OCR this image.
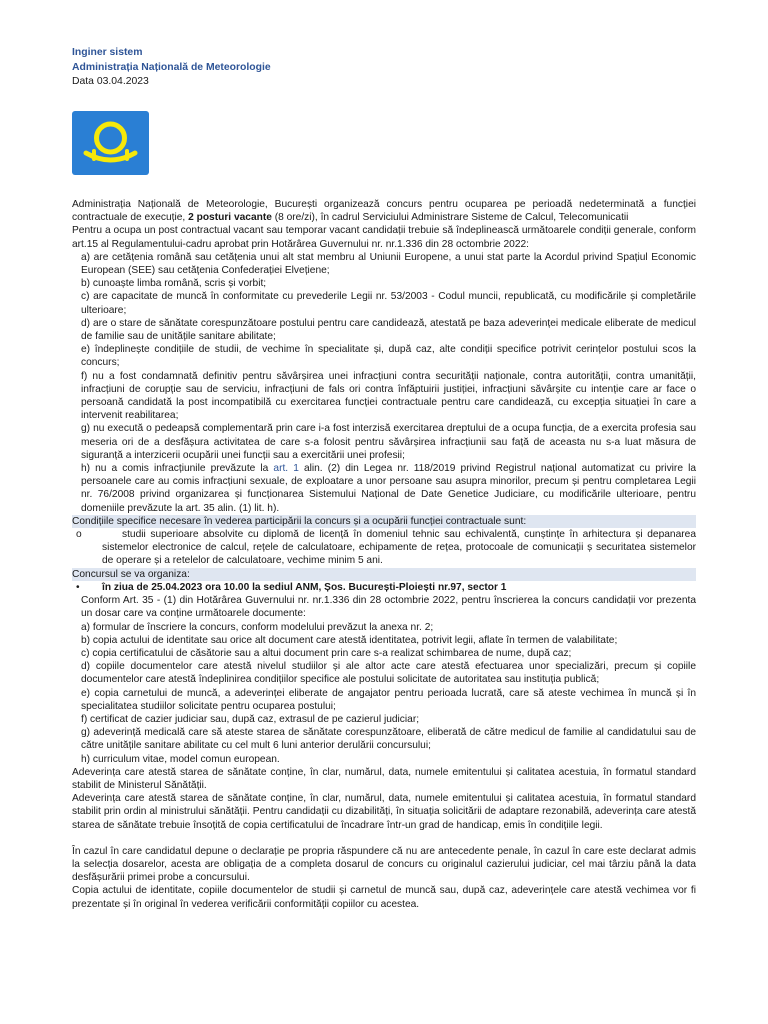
Inginer sistem
Administrația Națională de Meteorologie
Data 03.04.2023

Administrația Națională de Meteorologie, București organizează concurs pentru ocuparea pe perioadă nedeterminată a funcției contractuale de execuție, 2 posturi vacante (8 ore/zi), în cadrul Serviciului Administrare Sisteme de Calcul, Telecomunicatii

Pentru a ocupa un post contractual vacant sau temporar vacant candidații trebuie să îndeplinească următoarele condiții generale, conform art.15 al Regulamentului-cadru aprobat prin Hotărârea Guvernului nr. nr.1.336 din 28 octombrie 2022:

a) are cetățenia română sau cetățenia unui alt stat membru al Uniunii Europene, a unui stat parte la Acordul privind Spațiul Economic European (SEE) sau cetățenia Confederației Elvețiene;

b) cunoaște limba română, scris și vorbit;

c) are capacitate de muncă în conformitate cu prevederile Legii nr. 53/2003 - Codul muncii, republicată, cu modificările și completările ulterioare;

d) are o stare de sănătate corespunzătoare postului pentru care candidează, atestată pe baza adeverinței medicale eliberate de medicul de familie sau de unitățile sanitare abilitate;

e) îndeplinește condițiile de studii, de vechime în specialitate și, după caz, alte condiții specifice potrivit cerințelor postului scos la concurs;

f) nu a fost condamnată definitiv pentru săvârșirea unei infracțiuni contra securității naționale, contra autorității, contra umanității, infracțiuni de corupție sau de serviciu, infracțiuni de fals ori contra înfăptuirii justiției, infracțiuni săvârșite cu intenție care ar face o persoană candidată la post incompatibilă cu exercitarea funcției contractuale pentru care candidează, cu excepția situației în care a intervenit reabilitarea;

g) nu execută o pedeapsă complementară prin care i-a fost interzisă exercitarea dreptului de a ocupa funcția, de a exercita profesia sau meseria ori de a desfășura activitatea de care s-a folosit pentru săvârșirea infracțiunii sau față de aceasta nu s-a luat măsura de siguranță a interzicerii ocupării unei funcții sau a exercitării unei profesii;

h) nu a comis infracțiunile prevăzute la art. 1 alin. (2) din Legea nr. 118/2019 privind Registrul național automatizat cu privire la persoanele care au comis infracțiuni sexuale, de exploatare a unor persoane sau asupra minorilor, precum și pentru completarea Legii nr. 76/2008 privind organizarea și funcționarea Sistemului Național de Date Genetice Judiciare, cu modificările ulterioare, pentru domeniile prevăzute la art. 35 alin. (1) lit. h).

Condițiile specifice necesare în vederea participării la concurs și a ocupării funcției contractuale sunt:

o	studii superioare absolvite cu diplomă de licență în domeniul tehnic sau echivalentă, cunștințe în arhitectura și depanarea sistemelor electronice de calcul, rețele de calculatoare, echipamente de rețea, protocoale de comunicații ș securitatea sistemelor de operare și a retelelor de calculatoare, vechime minim 5 ani.

Concursul se va organiza:

•	în ziua de 25.04.2023 ora 10.00 la sediul ANM, Șos. București-Ploiești nr.97, sector 1

Conform Art. 35 - (1) din Hotărârea Guvernului nr. nr.1.336 din 28 octombrie 2022, pentru înscrierea la concurs candidații vor prezenta un dosar care va conține următoarele documente:

a) formular de înscriere la concurs, conform modelului prevăzut la anexa nr. 2;

b) copia actului de identitate sau orice alt document care atestă identitatea, potrivit legii, aflate în termen de valabilitate;

c) copia certificatului de căsătorie sau a altui document prin care s-a realizat schimbarea de nume, după caz;

d) copiile documentelor care atestă nivelul studiilor și ale altor acte care atestă efectuarea unor specializări, precum și copiile documentelor care atestă îndeplinirea condițiilor specifice ale postului solicitate de autoritatea sau instituția publică;

e) copia carnetului de muncă, a adeverinței eliberate de angajator pentru perioada lucrată, care să ateste vechimea în muncă și în specialitatea studiilor solicitate pentru ocuparea postului;

f) certificat de cazier judiciar sau, după caz, extrasul de pe cazierul judiciar;

g) adeverință medicală care să ateste starea de sănătate corespunzătoare, eliberată de către medicul de familie al candidatului sau de către unitățile sanitare abilitate cu cel mult 6 luni anterior derulării concursului;

h) curriculum vitae, model comun european.

Adeverința care atestă starea de sănătate conține, în clar, numărul, data, numele emitentului și calitatea acestuia, în formatul standard stabilit de Ministerul Sănătății.

Adeverința care atestă starea de sănătate conține, în clar, numărul, data, numele emitentului și calitatea acestuia, în formatul standard stabilit prin ordin al ministrului sănătății. Pentru candidații cu dizabilități, în situația solicitării de adaptare rezonabilă, adeverința care atestă starea de sănătate trebuie însoțită de copia certificatului de încadrare într-un grad de handicap, emis în condițiile legii.

În cazul în care candidatul depune o declarație pe propria răspundere că nu are antecedente penale, în cazul în care este declarat admis la selecția dosarelor, acesta are obligația de a completa dosarul de concurs cu originalul cazierului judiciar, cel mai târziu până la data desfășurării primei probe a concursului.

Copia actului de identitate, copiile documentelor de studii și carnetul de muncă sau, după caz, adeverințele care atestă vechimea vor fi prezentate și în original în vederea verificării conformității copiilor cu acestea.
